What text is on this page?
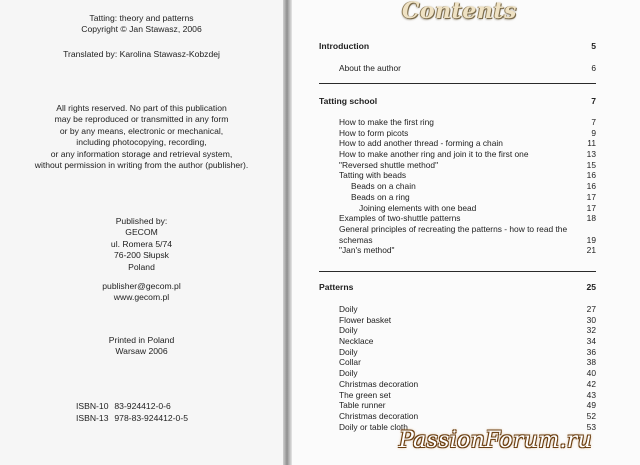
Tatting: theory and patterns
Copyright © Jan Stawasz, 2006
Translated by: Karolina Stawasz-Kobzdej
All rights reserved. No part of this publication
may be reproduced or transmitted in any form
or by any means, electronic or mechanical,
including photocopying, recording,
or any information storage and retrieval system,
without permission in writing from the author (publisher).
Published by:
GECOM
ul. Romera 5/74
76-200 Słupsk
Poland
publisher@gecom.pl
www.gecom.pl
Printed in Poland
Warsaw 2006
ISBN-10 83-924412-0-6
ISBN-13 978-83-924412-0-5
Contents
Introduction	5
About the author	6
Tatting school	7
How to make the first ring	7
How to form picots	9
How to add another thread - forming a chain	11
How to make another ring and join it to the first one	13
"Reversed shuttle method"	15
Tatting with beads	16
Beads on a chain	16
Beads on a ring	17
Joining elements with one bead	17
Examples of two-shuttle patterns	18
General principles of recreating the patterns - how to read the schemas	19
"Jan's method"	21
Patterns	25
Doily	27
Flower basket	30
Doily	32
Necklace	34
Doily	36
Collar	38
Doily	40
Christmas decoration	42
The green set	43
Table runner	49
Christmas decoration	52
Doily or table cloth	53
PassionForum.ru
